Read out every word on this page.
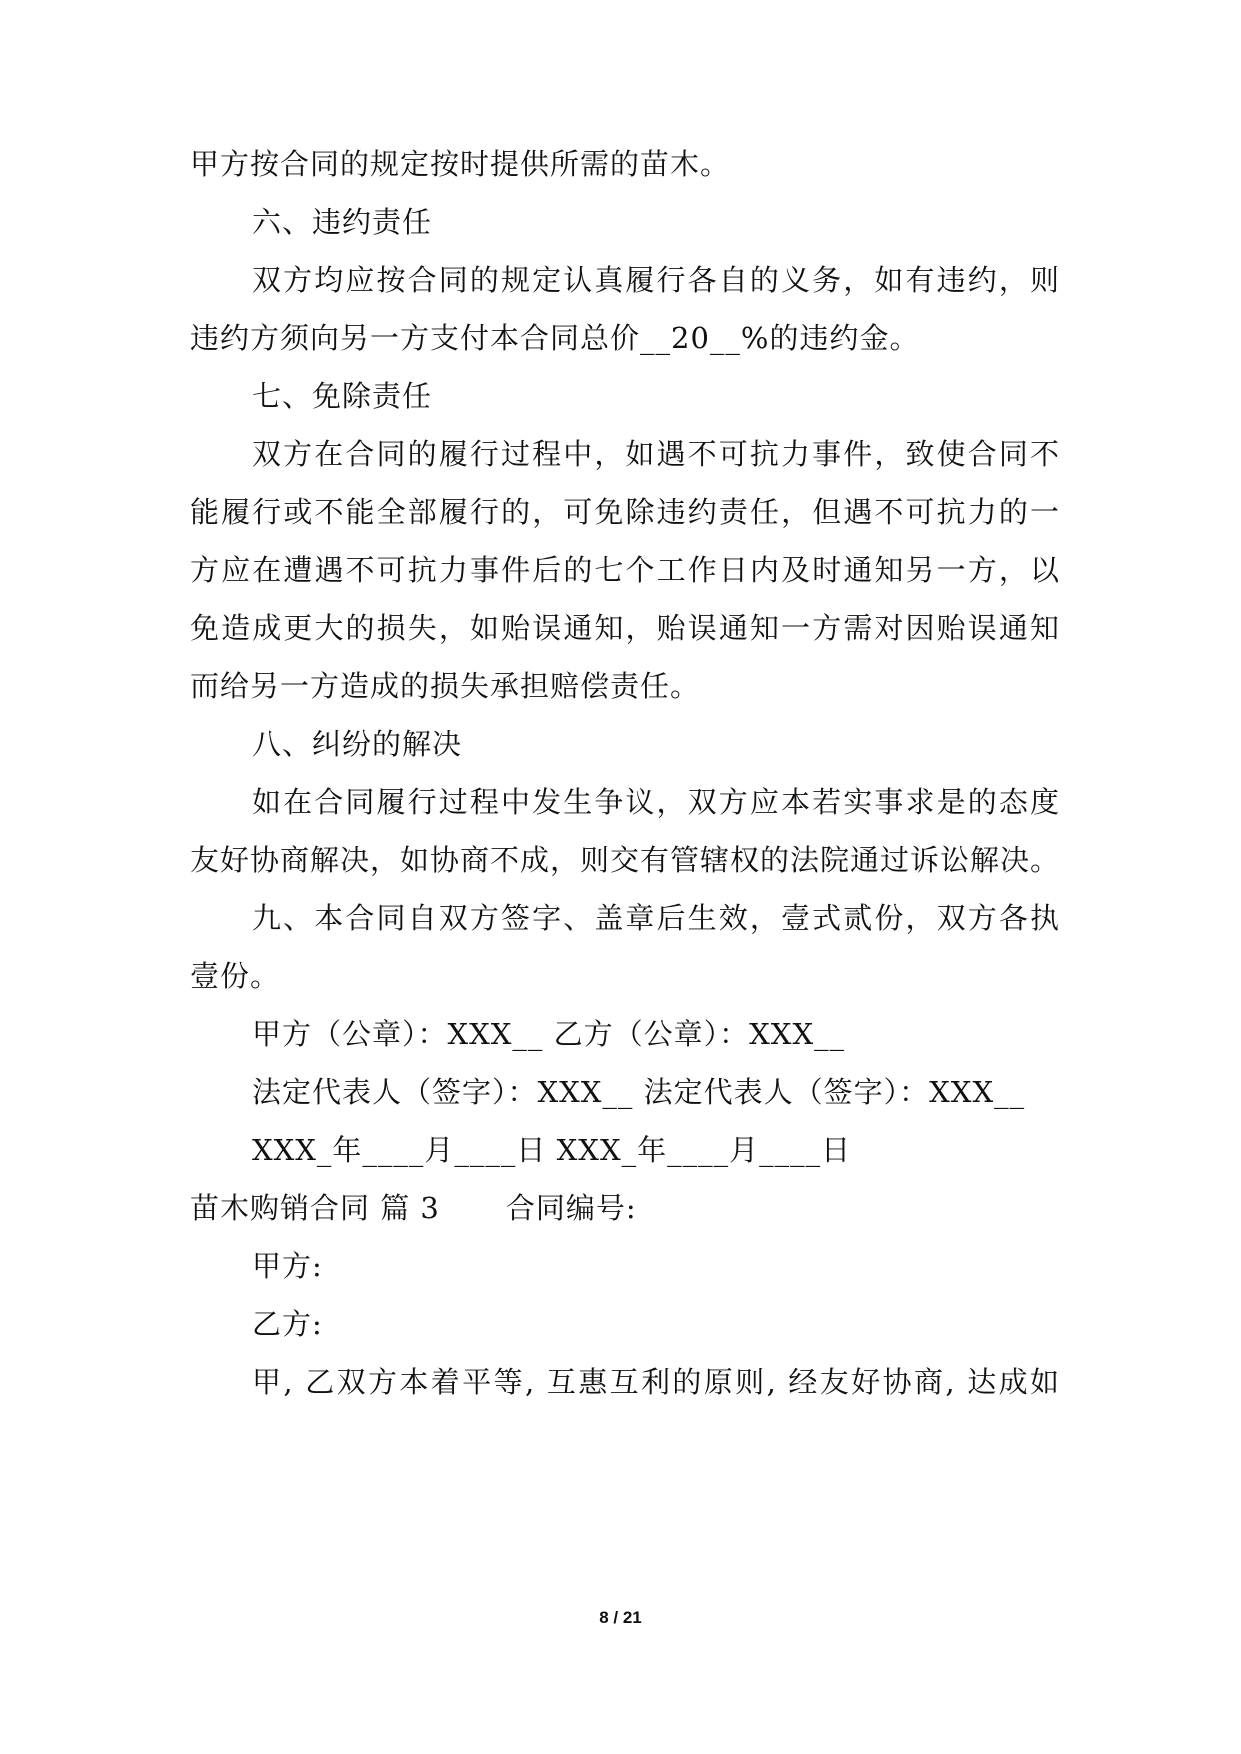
甲方按合同的规定按时提供所需的苗木。
六、违约责任
双方均应按合同的规定认真履行各自的义务，如有违约，则
违约方须向另一方支付本合同总价__20__%的违约金。
七、免除责任
双方在合同的履行过程中，如遇不可抗力事件，致使合同不
能履行或不能全部履行的，可免除违约责任，但遇不可抗力的一
方应在遭遇不可抗力事件后的七个工作日内及时通知另一方，以
免造成更大的损失，如贻误通知，贻误通知一方需对因贻误通知
而给另一方造成的损失承担赔偿责任。
八、纠纷的解决
如在合同履行过程中发生争议，双方应本若实事求是的态度
友好协商解决，如协商不成，则交有管辖权的法院通过诉讼解决。
九、本合同自双方签字、盖章后生效，壹式贰份，双方各执
壹份。
甲方（公章）：XXX__ 乙方（公章）：XXX__
法定代表人（签字）：XXX__ 法定代表人（签字）：XXX__
XXX_年____月____日 XXX_年____月____日
苗木购销合同 篇 3 合同编号:
甲方:
乙方:
甲, 乙双方本着平等, 互惠互利的原则, 经友好协商, 达成如
8 / 21
